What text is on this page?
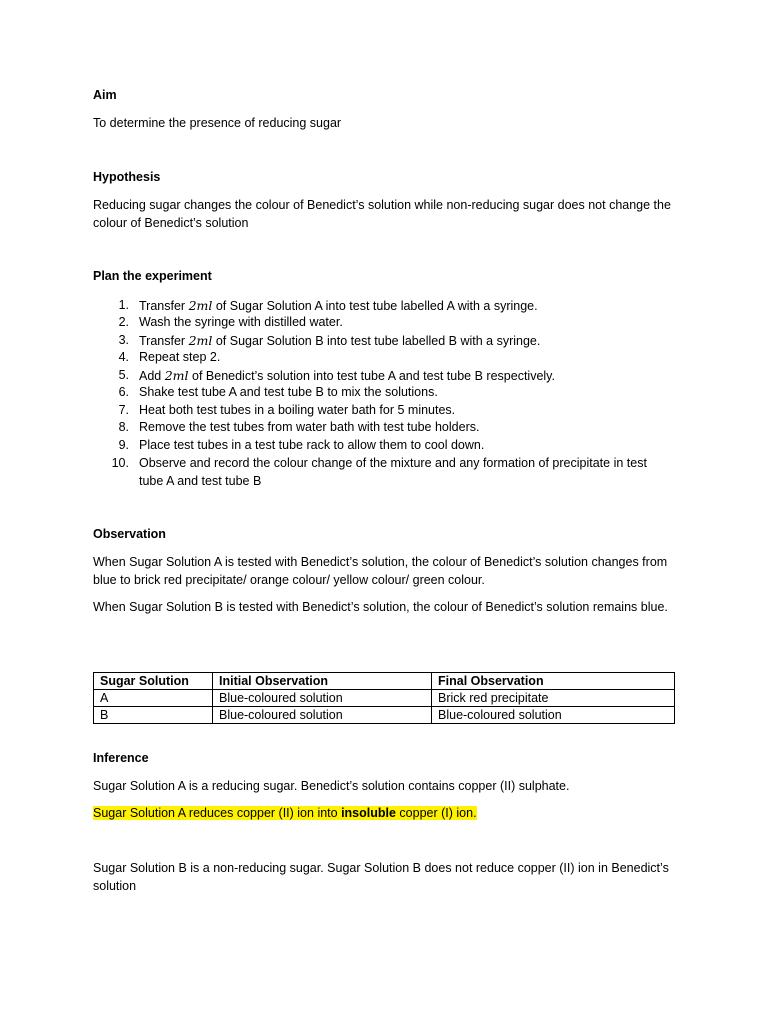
Aim
To determine the presence of reducing sugar
Hypothesis
Reducing sugar changes the colour of Benedict’s solution while non-reducing sugar does not change the colour of Benedict’s solution
Plan the experiment
1. Transfer 2ml of Sugar Solution A into test tube labelled A with a syringe.
2. Wash the syringe with distilled water.
3. Transfer 2ml of Sugar Solution B into test tube labelled B with a syringe.
4. Repeat step 2.
5. Add 2ml of Benedict’s solution into test tube A and test tube B respectively.
6. Shake test tube A and test tube B to mix the solutions.
7. Heat both test tubes in a boiling water bath for 5 minutes.
8. Remove the test tubes from water bath with test tube holders.
9. Place test tubes in a test tube rack to allow them to cool down.
10. Observe and record the colour change of the mixture and any formation of precipitate in test tube A and test tube B
Observation
When Sugar Solution A is tested with Benedict’s solution, the colour of Benedict’s solution changes from blue to brick red precipitate/ orange colour/ yellow colour/ green colour.
When Sugar Solution B is tested with Benedict’s solution, the colour of Benedict’s solution remains blue.
Sugar Solution	Initial Observation	Final Observation
A	Blue-coloured solution	Brick red precipitate
B	Blue-coloured solution	Blue-coloured solution
Inference
Sugar Solution A is a reducing sugar. Benedict’s solution contains copper (II) sulphate.
Sugar Solution A reduces copper (II) ion into insoluble copper (I) ion.
Sugar Solution B is a non-reducing sugar. Sugar Solution B does not reduce copper (II) ion in Benedict’s solution
